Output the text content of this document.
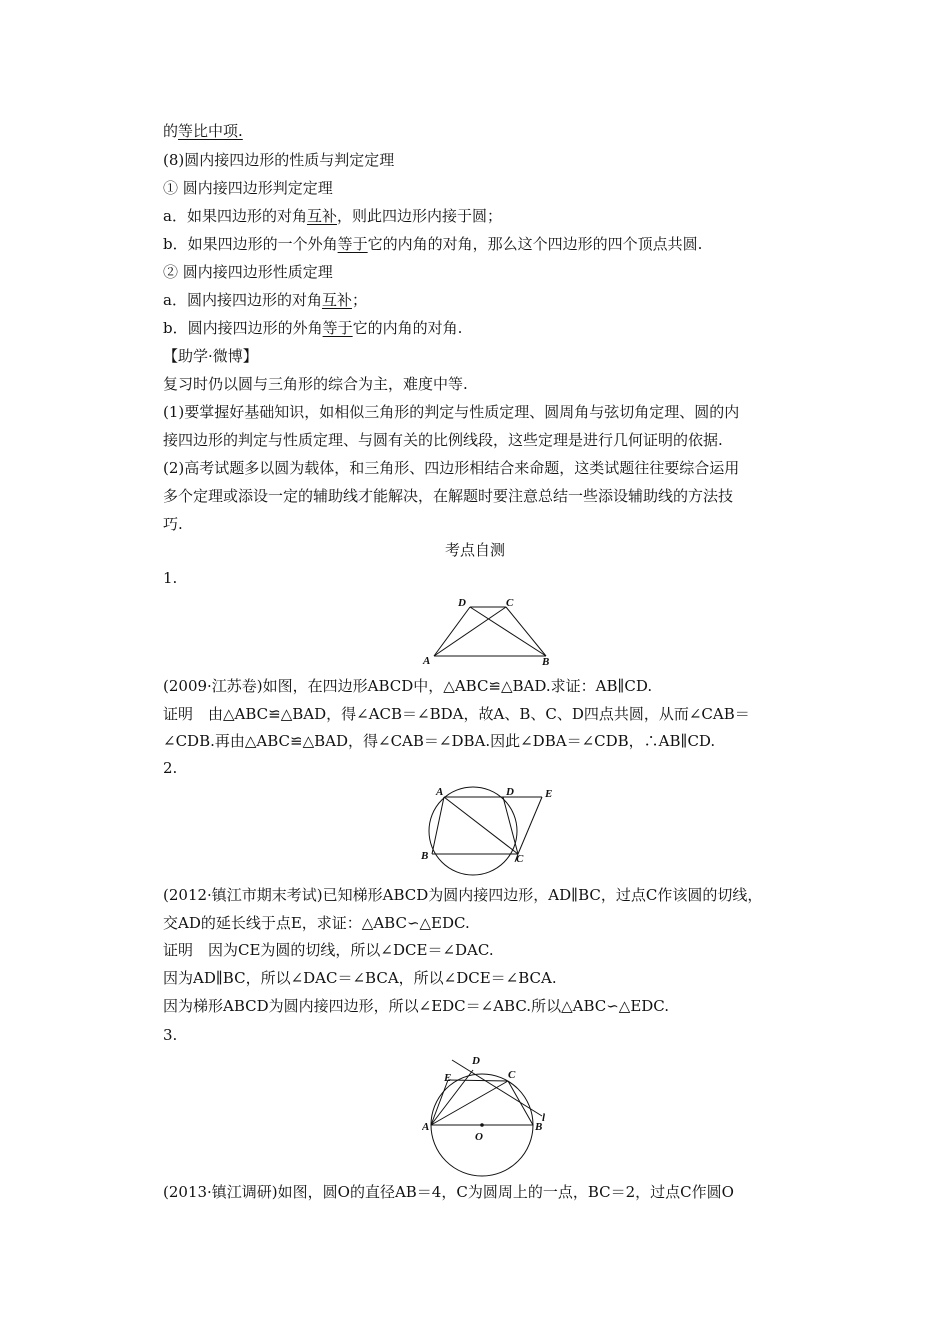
的等比中项.
(8)圆内接四边形的性质与判定定理
① 圆内接四边形判定定理
a．如果四边形的对角互补，则此四边形内接于圆；
b．如果四边形的一个外角等于它的内角的对角，那么这个四边形的四个顶点共圆.
② 圆内接四边形性质定理
a．圆内接四边形的对角互补；
b．圆内接四边形的外角等于它的内角的对角.
【助学·微博】
复习时仍以圆与三角形的综合为主，难度中等.
(1)要掌握好基础知识，如相似三角形的判定与性质定理、圆周角与弦切角定理、圆的内
接四边形的判定与性质定理、与圆有关的比例线段，这些定理是进行几何证明的依据.
(2)高考试题多以圆为载体，和三角形、四边形相结合来命题，这类试题往往要综合运用
多个定理或添设一定的辅助线才能解决，在解题时要注意总结一些添设辅助线的方法技
巧.
考点自测
1.
A	B
C
D
(2009·江苏卷)如图，在四边形ABCD中，△ABC≌△BAD.求证：AB∥CD.
证明　由△ABC≌△BAD，得∠ACB＝∠BDA，故A、B、C、D四点共圆，从而∠CAB＝
∠CDB.再由△ABC≌△BAD，得∠CAB＝∠DBA.因此∠DBA＝∠CDB，∴AB∥CD.
2.
A
B	C
D	E
(2012·镇江市期末考试)已知梯形ABCD为圆内接四边形，AD∥BC，过点C作该圆的切线，
交AD的延长线于点E，求证：△ABC∽△EDC.
证明　因为CE为圆的切线，所以∠DCE＝∠DAC.
因为AD∥BC，所以∠DAC＝∠BCA，所以∠DCE＝∠BCA.
因为梯形ABCD为圆内接四边形，所以∠EDC＝∠ABC.所以△ABC∽△EDC.
3.
A	B
C
D
E
O
l
(2013·镇江调研)如图，圆O的直径AB＝4，C为圆周上的一点，BC＝2，过点C作圆O
